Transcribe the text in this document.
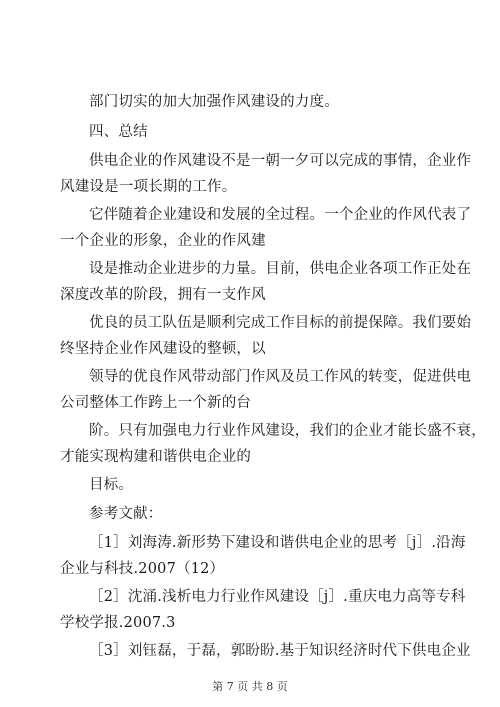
部门切实的加大加强作风建设的力度。
四、总结
供电企业的作风建设不是一朝一夕可以完成的事情，企业作
风建设是一项长期的工作。
它伴随着企业建设和发展的全过程。一个企业的作风代表了
一个企业的形象，企业的作风建
设是推动企业进步的力量。目前，供电企业各项工作正处在
深度改革的阶段，拥有一支作风
优良的员工队伍是顺利完成工作目标的前提保障。我们要始
终坚持企业作风建设的整顿，以
领导的优良作风带动部门作风及员工作风的转变，促进供电
公司整体工作跨上一个新的台
阶。只有加强电力行业作风建设，我们的企业才能长盛不衰，
才能实现构建和谐供电企业的
目标。
参考文献：
［1］刘海涛.新形势下建设和谐供电企业的思考［j］.沿海
企业与科技.2007（12）
［2］沈涌.浅析电力行业作风建设［j］.重庆电力高等专科
学校学报.2007.3
［3］刘钰磊，于磊，郭盼盼.基于知识经济时代下供电企业
第 7 页 共 8 页
